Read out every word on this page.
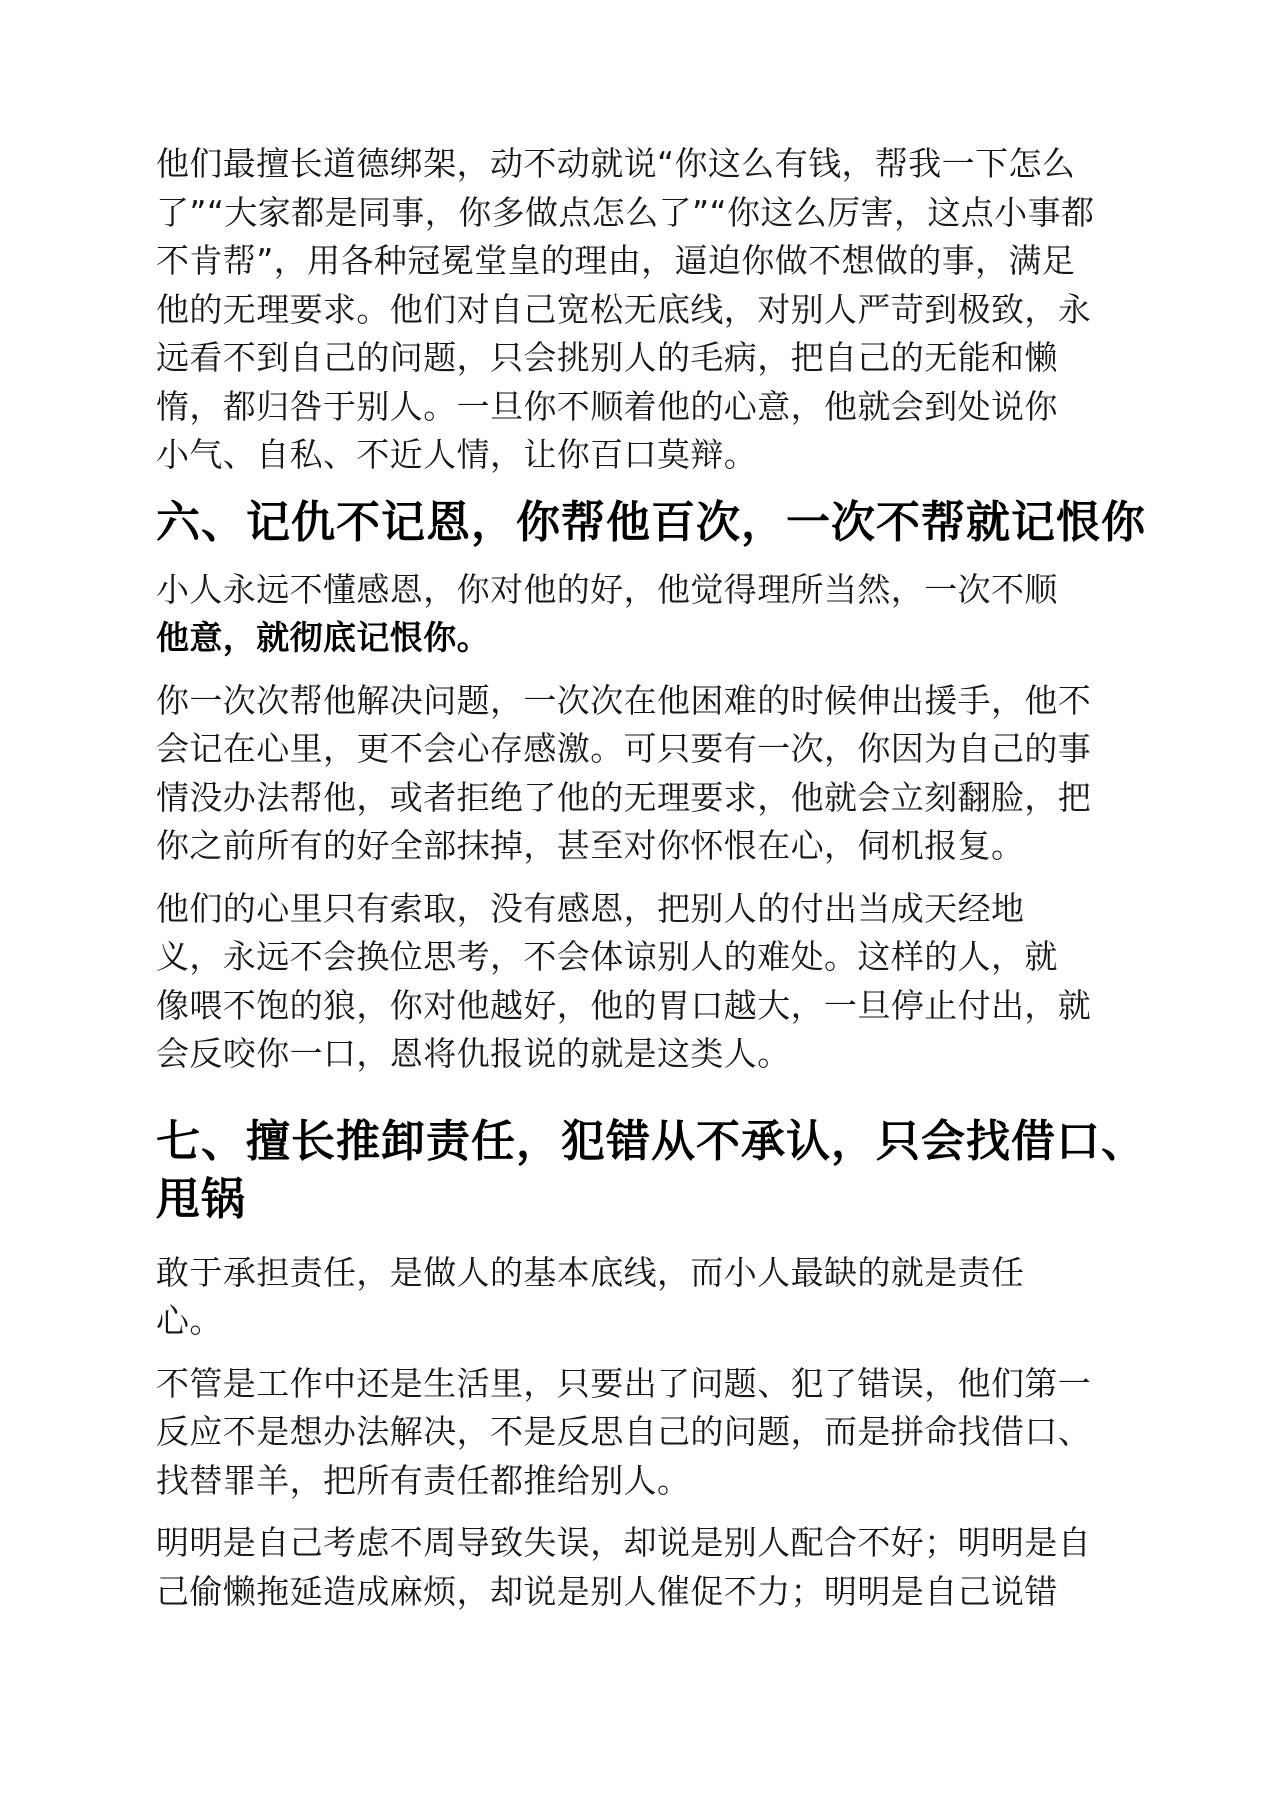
他们最擅长道德绑架，动不动就说“你这么有钱，帮我一下怎么
了”“大家都是同事，你多做点怎么了”“你这么厉害，这点小事都
不肯帮”，用各种冠冕堂皇的理由，逼迫你做不想做的事，满足
他的无理要求。他们对自己宽松无底线，对别人严苛到极致，永
远看不到自己的问题，只会挑别人的毛病，把自己的无能和懒
惰，都归咎于别人。一旦你不顺着他的心意，他就会到处说你
小气、自私、不近人情，让你百口莫辩。

六、记仇不记恩，你帮他百次，一次不帮就记恨你

小人永远不懂感恩，你对他的好，他觉得理所当然，一次不顺
他意，就彻底记恨你。

你一次次帮他解决问题，一次次在他困难的时候伸出援手，他不
会记在心里，更不会心存感激。可只要有一次，你因为自己的事
情没办法帮他，或者拒绝了他的无理要求，他就会立刻翻脸，把
你之前所有的好全部抹掉，甚至对你怀恨在心，伺机报复。

他们的心里只有索取，没有感恩，把别人的付出当成天经地
义，永远不会换位思考，不会体谅别人的难处。这样的人，就
像喂不饱的狼，你对他越好，他的胃口越大，一旦停止付出，就
会反咬你一口，恩将仇报说的就是这类人。

七、擅长推卸责任，犯错从不承认，只会找借口、
甩锅

敢于承担责任，是做人的基本底线，而小人最缺的就是责任
心。

不管是工作中还是生活里，只要出了问题、犯了错误，他们第一
反应不是想办法解决，不是反思自己的问题，而是拼命找借口、
找替罪羊，把所有责任都推给别人。

明明是自己考虑不周导致失误，却说是别人配合不好；明明是自
己偷懒拖延造成麻烦，却说是别人催促不力；明明是自己说错
